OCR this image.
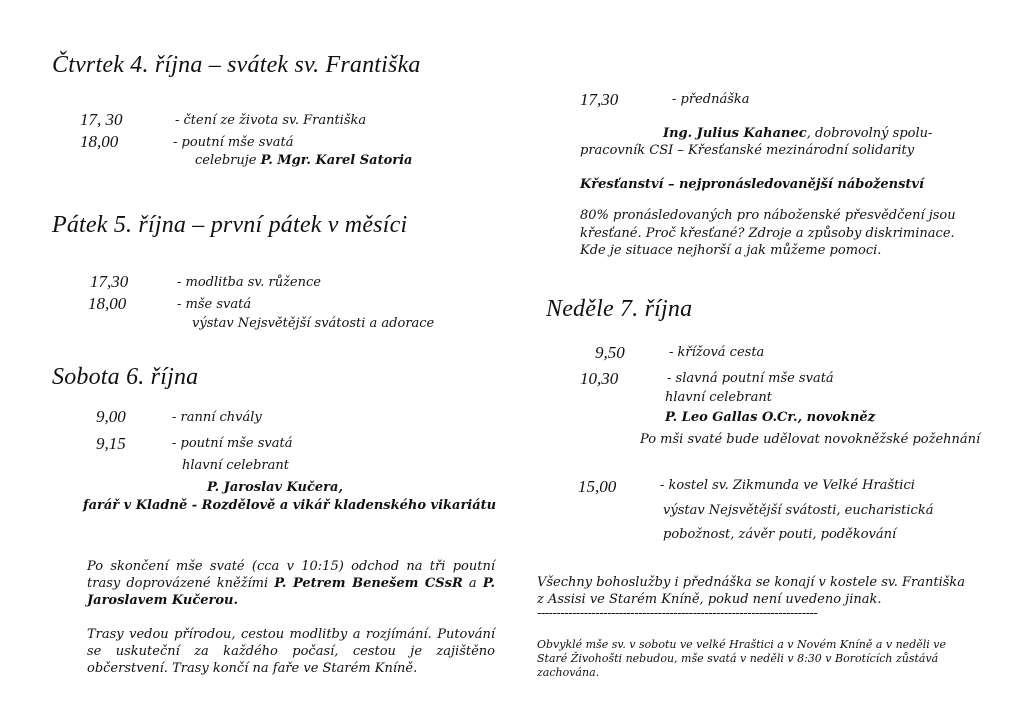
Čtvrtek 4. října – svátek sv. Františka
17, 30	- čtení ze života sv. Františka
18,00	- poutní mše svatá
celebruje P. Mgr. Karel Satoria
Pátek 5. října – první pátek v měsíci
17,30	- modlitba sv. růžence
18,00	- mše svatá
výstav Nejsvětější svátosti a adorace
Sobota 6. října
9,00	- ranní chvály
9,15	- poutní mše svatá
hlavní celebrant
P. Jaroslav Kučera,
farář v Kladně - Rozdělově a vikář kladenského vikariátu
Po skončení mše svaté (cca v 10:15) odchod na tři poutní trasy doprovázené kněžími P. Petrem Benešem CSsR a P. Jaroslavem Kučerou.
Trasy vedou přírodou, cestou modlitby a rozjímání. Putování se uskuteční za každého počasí, cestou je zajištěno občerstvení. Trasy končí na faře ve Starém Kníně.
17,30	- přednáška
Ing. Julius Kahanec, dobrovolný spolu-
pracovník CSI – Křesťanské mezinárodní solidarity
Křesťanství – nejpronásledovanější náboženství
80% pronásledovaných pro náboženské přesvědčení jsou
křesťané. Proč křesťané? Zdroje a způsoby diskriminace.
Kde je situace nejhorší a jak můžeme pomoci.
Neděle 7. října
9,50	- křížová cesta
10,30	- slavná poutní mše svatá
hlavní celebrant
P. Leo Gallas O.Cr., novokněz
Po mši svaté bude udělovat novokněžské požehnání
15,00	- kostel sv. Zikmunda ve Velké Hraštici
výstav Nejsvětější svátosti, eucharistická
pobožnost, závěr pouti, poděkování
Všechny bohoslužby i přednáška se konají v kostele sv. Františka
z Assisi ve Starém Kníně, pokud není uvedeno jinak.
------------------------------------------------------------------------
Obvyklé mše sv. v sobotu ve velké Hraštici a v Novém Kníně a v neděli ve Staré Živohošti nebudou, mše svatá v neděli v 8:30 v Borotících zůstává zachována.
